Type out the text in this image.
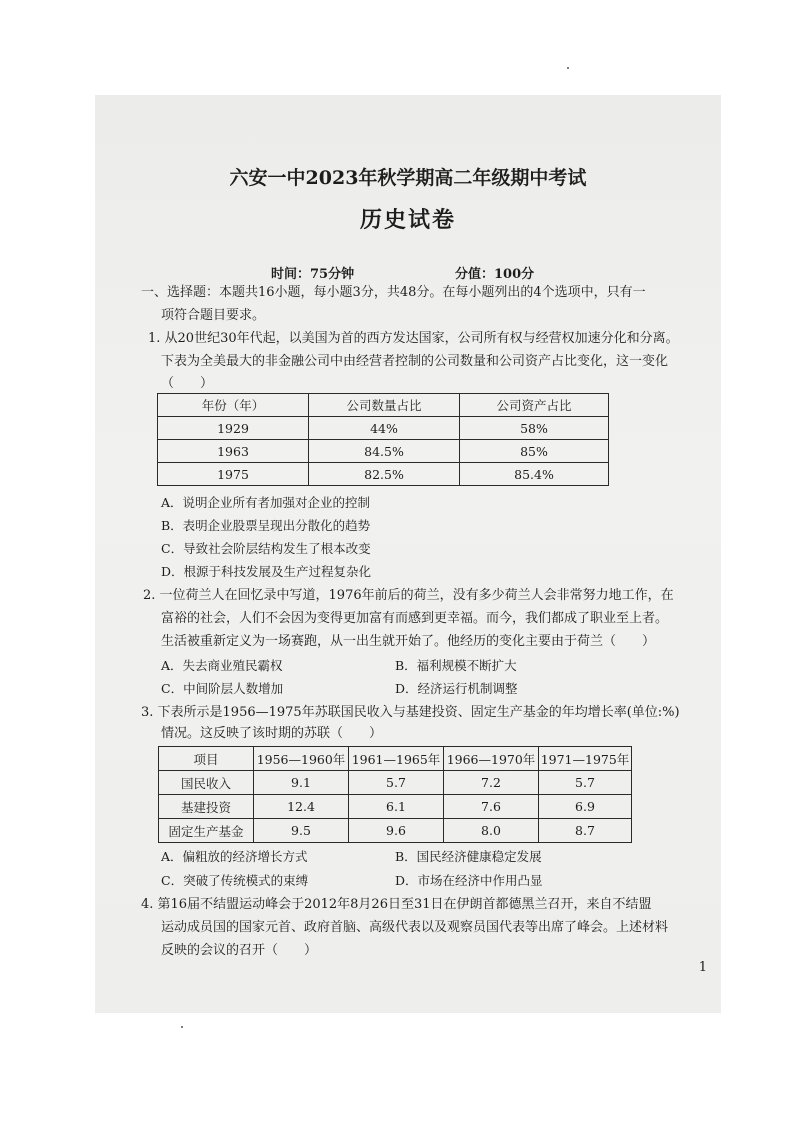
六安一中2023年秋学期高二年级期中考试
历史试卷
时间：75分钟	分值：100分
一、选择题：本题共16小题，每小题3分，共48分。在每小题列出的4个选项中，只有一
项符合题目要求。
1. 从20世纪30年代起，以美国为首的西方发达国家，公司所有权与经营权加速分化和分离。
下表为全美最大的非金融公司中由经营者控制的公司数量和公司资产占比变化，这一变化
（　　）
年份（年）	公司数量占比	公司资产占比
1929	44%	58%
1963	84.5%	85%
1975	82.5%	85.4%
A．说明企业所有者加强对企业的控制
B．表明企业股票呈现出分散化的趋势
C．导致社会阶层结构发生了根本改变
D．根源于科技发展及生产过程复杂化
2. 一位荷兰人在回忆录中写道，1976年前后的荷兰，没有多少荷兰人会非常努力地工作，在
富裕的社会，人们不会因为变得更加富有而感到更幸福。而今，我们都成了职业至上者。
生活被重新定义为一场赛跑，从一出生就开始了。他经历的变化主要由于荷兰（　　）
A．失去商业殖民霸权	B．福利规模不断扩大
C．中间阶层人数增加	D．经济运行机制调整
3. 下表所示是1956—1975年苏联国民收入与基建投资、固定生产基金的年均增长率(单位:%)
情况。这反映了该时期的苏联（　　）
项目	1956—1960年	1961—1965年	1966—1970年	1971—1975年
国民收入	9.1	5.7	7.2	5.7
基建投资	12.4	6.1	7.6	6.9
固定生产基金	9.5	9.6	8.0	8.7
A．偏粗放的经济增长方式	B．国民经济健康稳定发展
C．突破了传统模式的束缚	D．市场在经济中作用凸显
4. 第16届不结盟运动峰会于2012年8月26日至31日在伊朗首都德黑兰召开，来自不结盟
运动成员国的国家元首、政府首脑、高级代表以及观察员国代表等出席了峰会。上述材料
反映的会议的召开（　　）
1
